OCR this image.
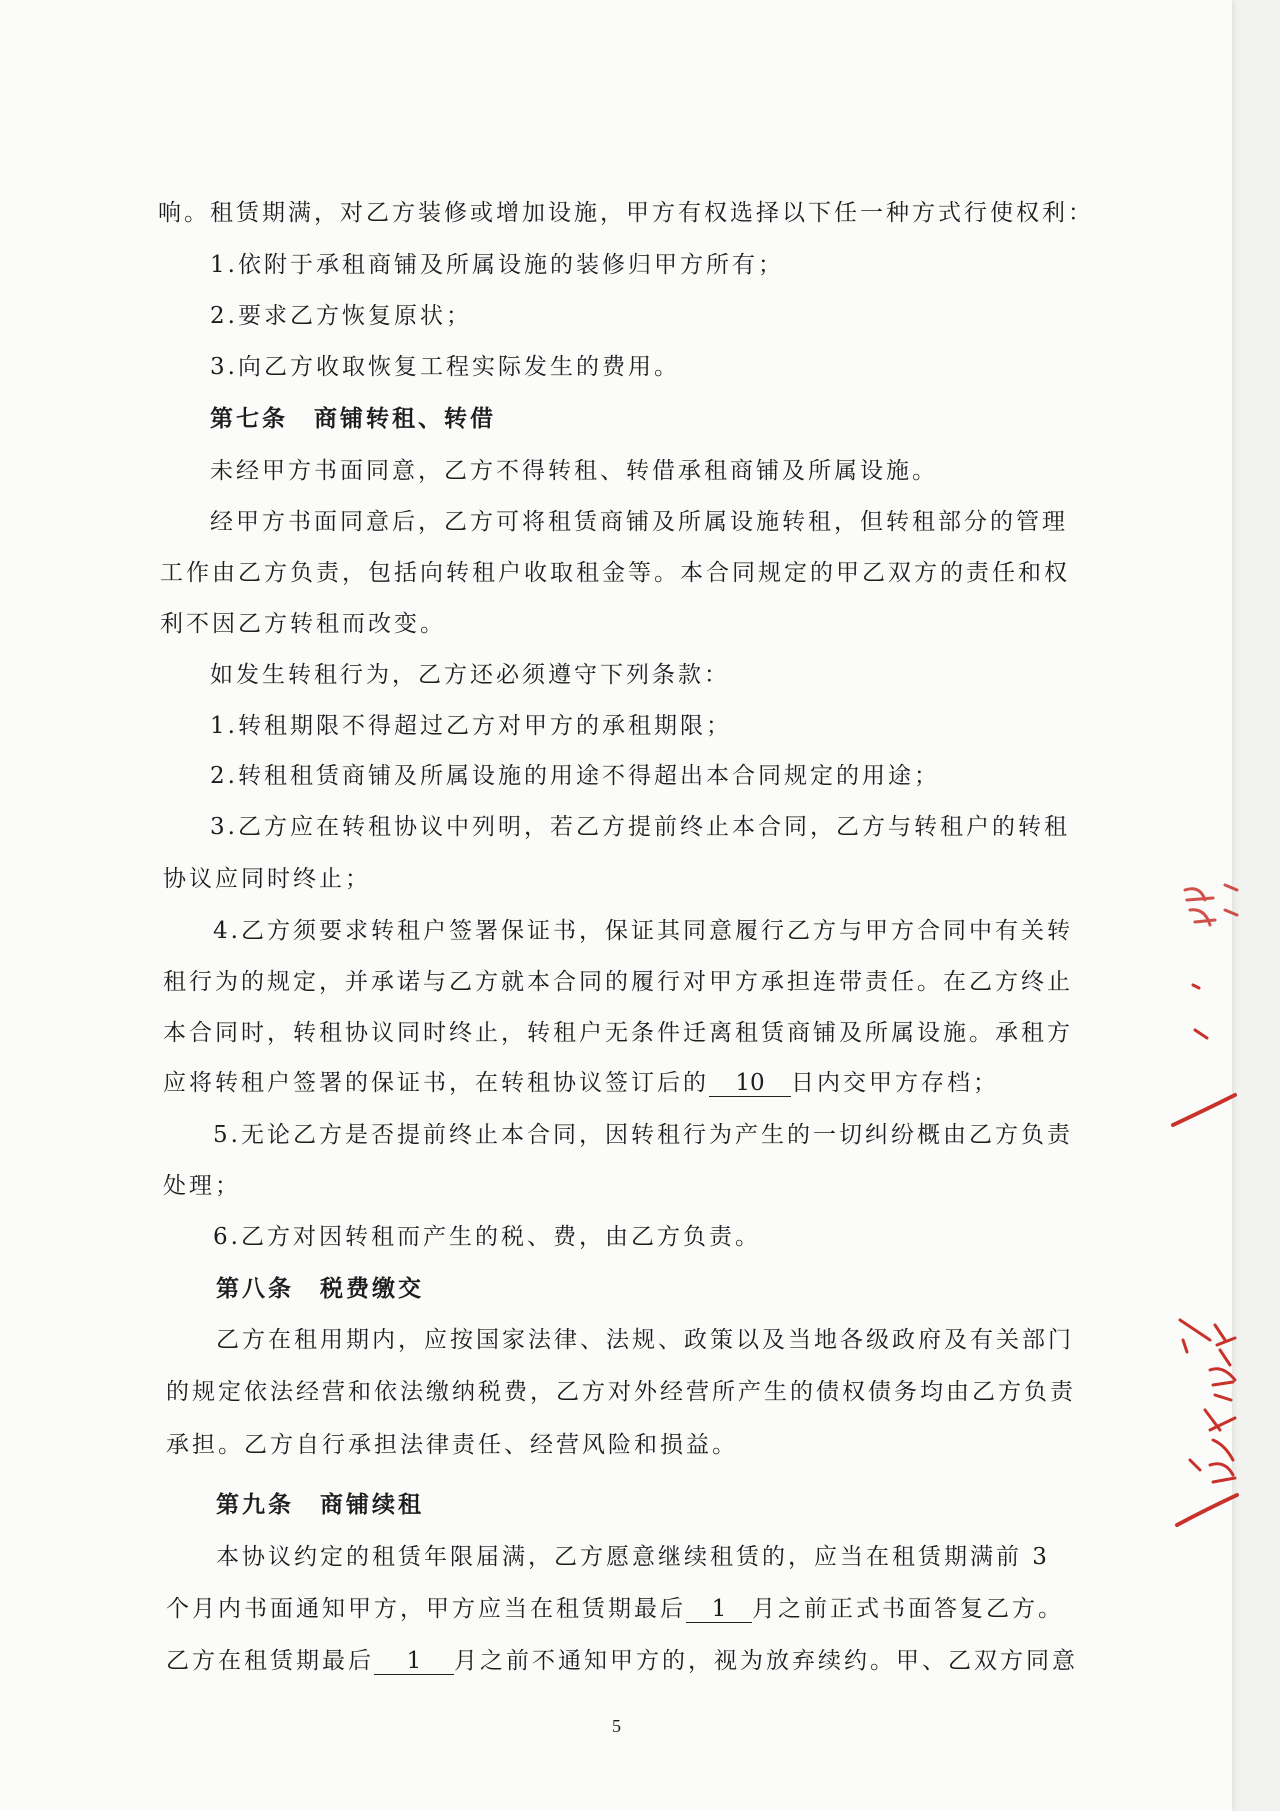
响。租赁期满，对乙方装修或增加设施，甲方有权选择以下任一种方式行使权利：
1.依附于承租商铺及所属设施的装修归甲方所有；
2.要求乙方恢复原状；
3.向乙方收取恢复工程实际发生的费用。
第七条　商铺转租、转借
未经甲方书面同意，乙方不得转租、转借承租商铺及所属设施。
经甲方书面同意后，乙方可将租赁商铺及所属设施转租，但转租部分的管理
工作由乙方负责，包括向转租户收取租金等。本合同规定的甲乙双方的责任和权
利不因乙方转租而改变。
如发生转租行为，乙方还必须遵守下列条款：
1.转租期限不得超过乙方对甲方的承租期限；
2.转租租赁商铺及所属设施的用途不得超出本合同规定的用途；
3.乙方应在转租协议中列明，若乙方提前终止本合同，乙方与转租户的转租
协议应同时终止；
4.乙方须要求转租户签署保证书，保证其同意履行乙方与甲方合同中有关转
租行为的规定，并承诺与乙方就本合同的履行对甲方承担连带责任。在乙方终止
本合同时，转租协议同时终止，转租户无条件迁离租赁商铺及所属设施。承租方
应将转租户签署的保证书，在转租协议签订后的 10 日内交甲方存档；
5.无论乙方是否提前终止本合同，因转租行为产生的一切纠纷概由乙方负责
处理；
6.乙方对因转租而产生的税、费，由乙方负责。
第八条　税费缴交
乙方在租用期内，应按国家法律、法规、政策以及当地各级政府及有关部门
的规定依法经营和依法缴纳税费，乙方对外经营所产生的债权债务均由乙方负责
承担。乙方自行承担法律责任、经营风险和损益。
第九条　商铺续租
本协议约定的租赁年限届满，乙方愿意继续租赁的，应当在租赁期满前 3
个月内书面通知甲方，甲方应当在租赁期最后 1 月之前正式书面答复乙方。
乙方在租赁期最后 1 月之前不通知甲方的，视为放弃续约。甲、乙双方同意
5
